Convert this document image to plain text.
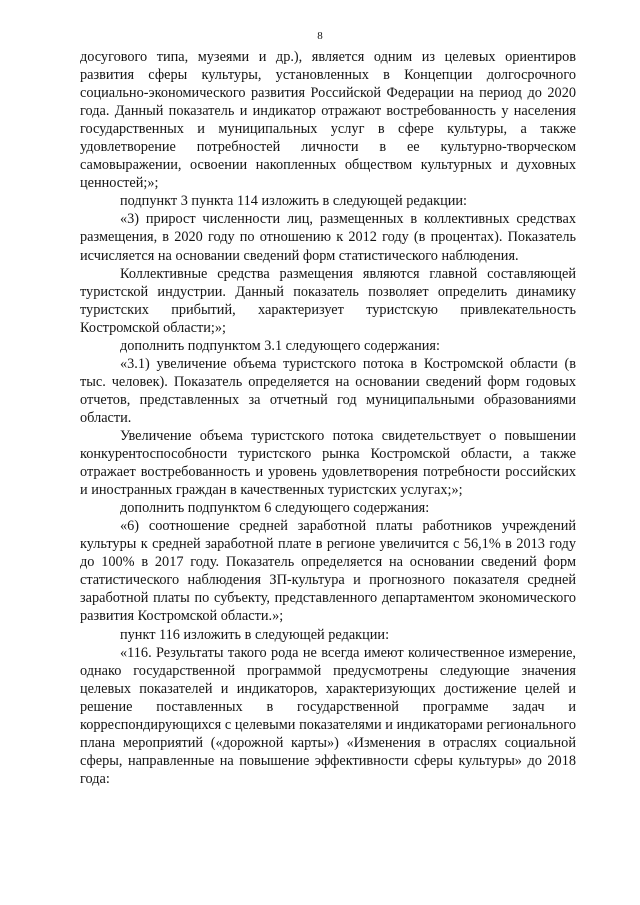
8

досугового типа, музеями и др.), является одним из целевых ориентиров развития сферы культуры, установленных в Концепции долгосрочного социально-экономического развития Российской Федерации на период до 2020 года. Данный показатель и индикатор отражают востребованность у населения государственных и муниципальных услуг в сфере культуры, а также удовлетворение потребностей личности в ее культурно-творческом самовыражении, освоении накопленных обществом культурных и духовных ценностей;»;

подпункт 3 пункта 114 изложить в следующей редакции:

«3) прирост численности лиц, размещенных в коллективных средствах размещения, в 2020 году по отношению к 2012 году (в процентах). Показатель исчисляется на основании сведений форм статистического наблюдения.

Коллективные средства размещения являются главной составляющей туристской индустрии. Данный показатель позволяет определить динамику туристских прибытий, характеризует туристскую привлекательность Костромской области;»;

дополнить подпунктом 3.1 следующего содержания:

«3.1) увеличение объема туристского потока в Костромской области (в тыс. человек). Показатель определяется на основании сведений форм годовых отчетов, представленных за отчетный год муниципальными образованиями области.

Увеличение объема туристского потока свидетельствует о повышении конкурентоспособности туристского рынка Костромской области, а также отражает востребованность и уровень удовлетворения потребности российских и иностранных граждан в качественных туристских услугах;»;

дополнить подпунктом 6 следующего содержания:

«6) соотношение средней заработной платы работников учреждений культуры к средней заработной плате в регионе увеличится с 56,1% в 2013 году до 100% в 2017 году. Показатель определяется на основании сведений форм статистического наблюдения ЗП-культура и прогнозного показателя средней заработной платы по субъекту, представленного департаментом экономического развития Костромской области.»;

пункт 116 изложить в следующей редакции:

«116. Результаты такого рода не всегда имеют количественное измерение, однако государственной программой предусмотрены следующие значения целевых показателей и индикаторов, характеризующих достижение целей и решение поставленных в государственной программе задач и корреспондирующихся с целевыми показателями и индикаторами регионального плана мероприятий («дорожной карты») «Изменения в отраслях социальной сферы, направленные на повышение эффективности сферы культуры» до 2018 года:
